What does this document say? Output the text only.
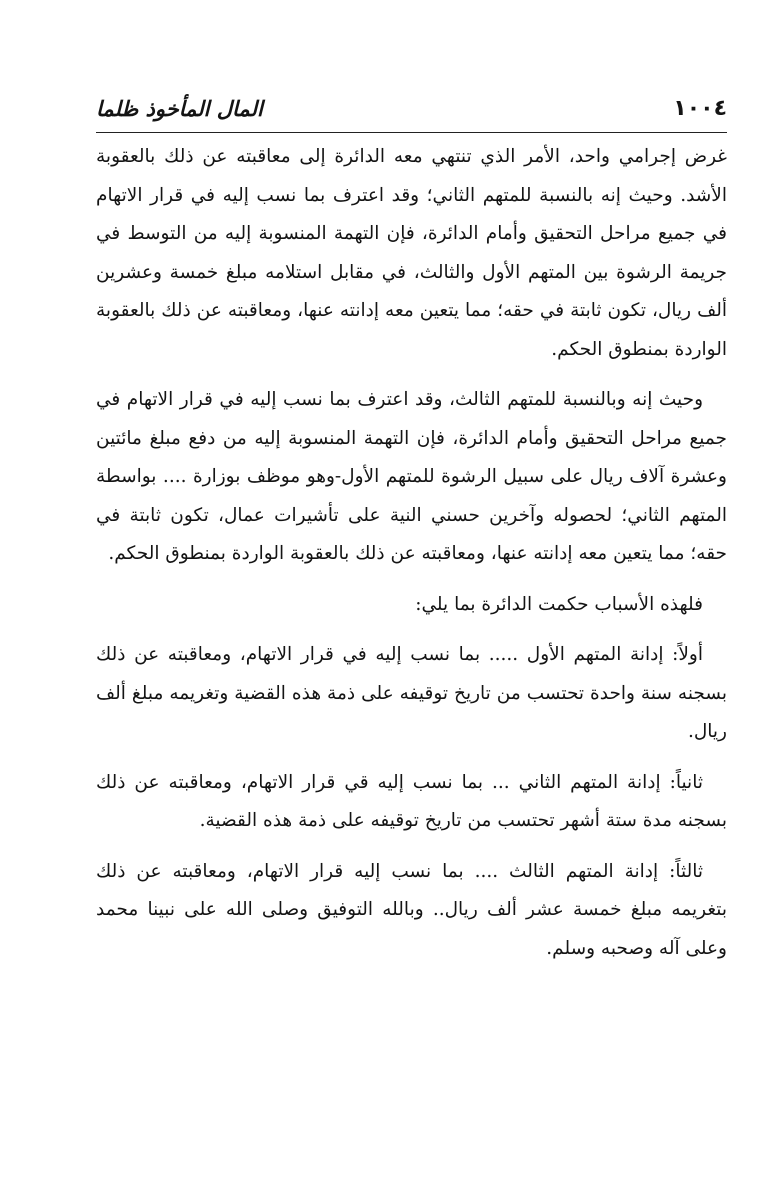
١٠٠٤
المال المأخوذ ظلما

غرض إجرامي واحد، الأمر الذي تنتهي معه الدائرة إلى معاقبته عن ذلك بالعقوبة الأشد. وحيث إنه بالنسبة للمتهم الثاني؛ وقد اعترف بما نسب إليه في قرار الاتهام في جميع مراحل التحقيق وأمام الدائرة، فإن التهمة المنسوبة إليه من التوسط في جريمة الرشوة بين المتهم الأول والثالث، في مقابل استلامه مبلغ خمسة وعشرين ألف ريال، تكون ثابتة في حقه؛ مما يتعين معه إدانته عنها، ومعاقبته عن ذلك بالعقوبة الواردة بمنطوق الحكم.

وحيث إنه وبالنسبة للمتهم الثالث، وقد اعترف بما نسب إليه في قرار الاتهام في جميع مراحل التحقيق وأمام الدائرة، فإن التهمة المنسوبة إليه من دفع مبلغ مائتين وعشرة آلاف ريال على سبيل الرشوة للمتهم الأول-وهو موظف بوزارة .... بواسطة المتهم الثاني؛ لحصوله وآخرين حسني النية على تأشيرات عمال، تكون ثابتة في حقه؛ مما يتعين معه إدانته عنها، ومعاقبته عن ذلك بالعقوبة الواردة بمنطوق الحكم.

فلهذه الأسباب حكمت الدائرة بما يلي:

أولاً: إدانة المتهم الأول ..... بما نسب إليه في قرار الاتهام، ومعاقبته عن ذلك بسجنه سنة واحدة تحتسب من تاريخ توقيفه على ذمة هذه القضية وتغريمه مبلغ ألف ريال.

ثانياً: إدانة المتهم الثاني ... بما نسب إليه قي قرار الاتهام، ومعاقبته عن ذلك بسجنه مدة ستة أشهر تحتسب من تاريخ توقيفه على ذمة هذه القضية.

ثالثاً: إدانة المتهم الثالث .... بما نسب إليه قرار الاتهام، ومعاقبته عن ذلك بتغريمه مبلغ خمسة عشر ألف ريال.. وبالله التوفيق وصلى الله على نبينا محمد وعلى آله وصحبه وسلم.
